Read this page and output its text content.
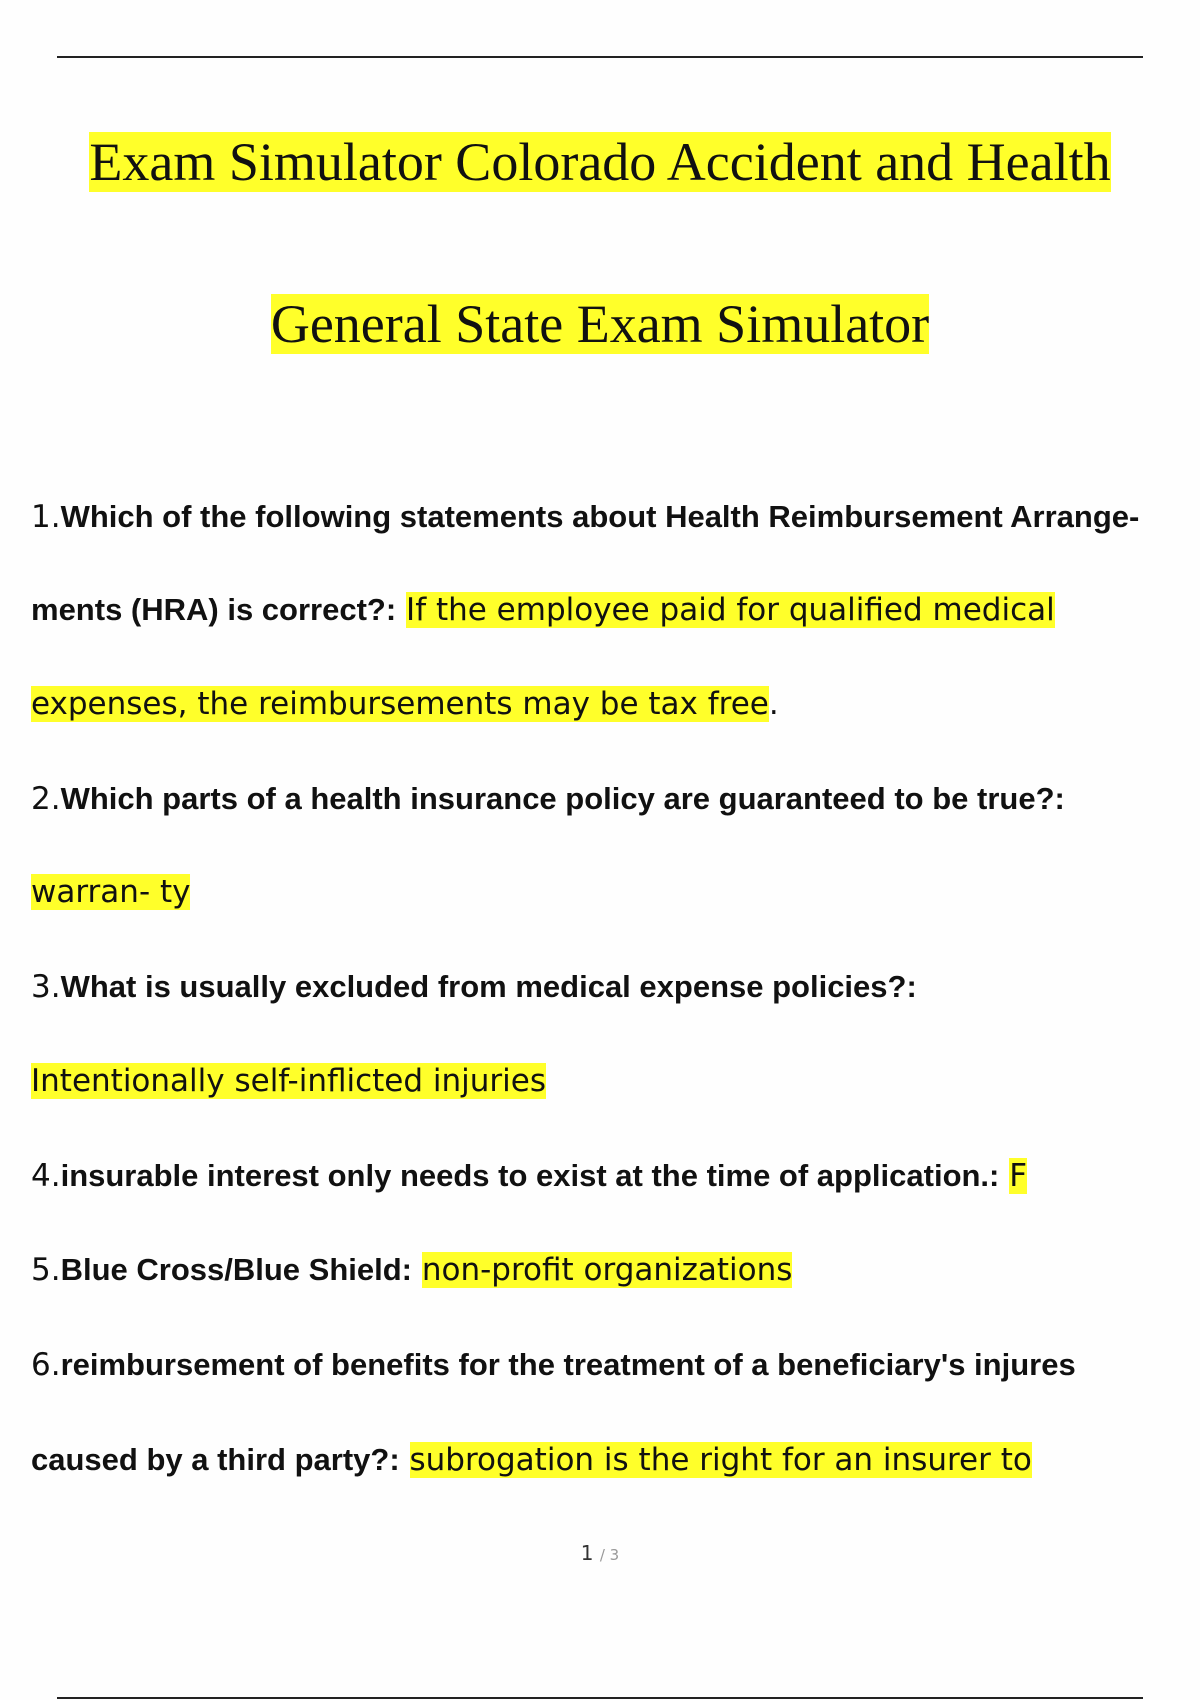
Exam Simulator Colorado Accident and Health
General State Exam Simulator
1.Which of the following statements about Health Reimbursement Arrange-
ments (HRA) is correct?: If the employee paid for qualified medical
expenses, the reimbursements may be tax free.
2.Which parts of a health insurance policy are guaranteed to be true?:
warran- ty
3.What is usually excluded from medical expense policies?:
Intentionally self-inflicted injuries
4.insurable interest only needs to exist at the time of application.: F
5.Blue Cross/Blue Shield: non-profit organizations
6.reimbursement of benefits for the treatment of a beneficiary's injures
caused by a third party?: subrogation is the right for an insurer to
1 / 3
